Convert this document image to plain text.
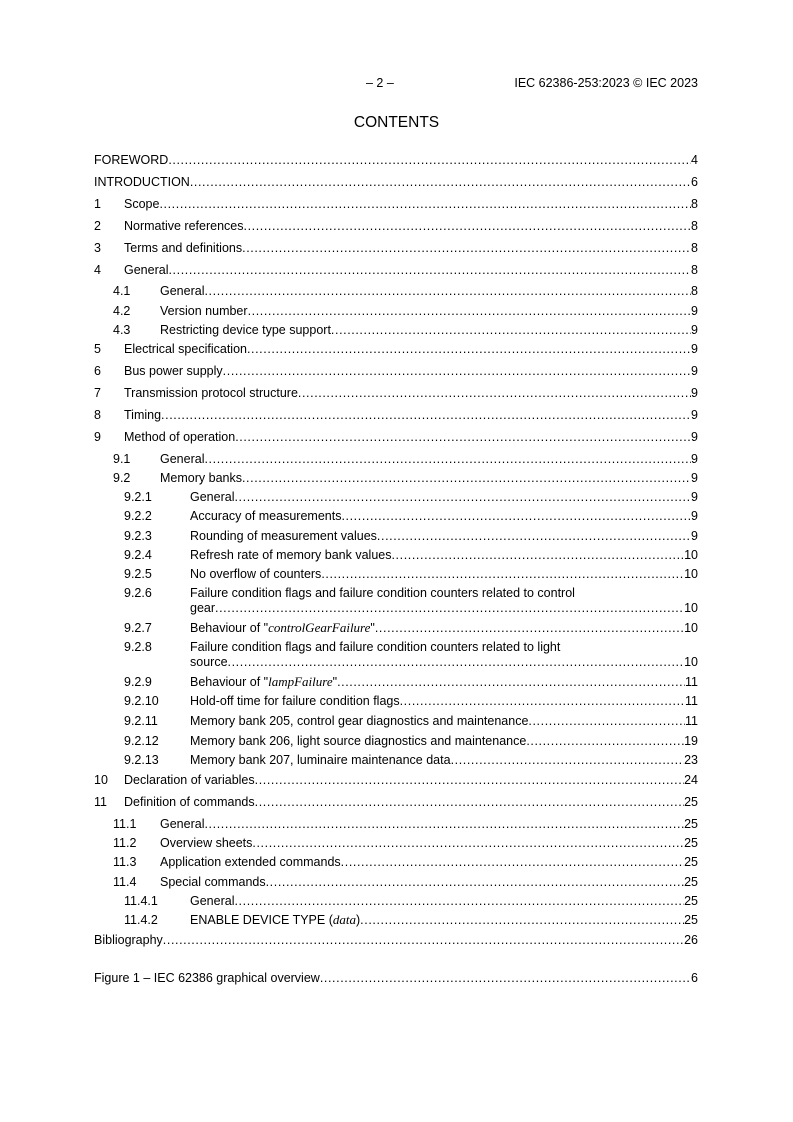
– 2 –	IEC 62386-253:2023 © IEC 2023
CONTENTS
FOREWORD .....	4
INTRODUCTION .....	6
1 Scope .....	8
2 Normative references .....	8
3 Terms and definitions .....	8
4 General .....	8
4.1 General .....	8
4.2 Version number .....	9
4.3 Restricting device type support .....	9
5 Electrical specification .....	9
6 Bus power supply .....	9
7 Transmission protocol structure .....	9
8 Timing .....	9
9 Method of operation .....	9
9.1 General .....	9
9.2 Memory banks .....	9
9.2.1	General .....	9
9.2.2	Accuracy of measurements .....	9
9.2.3	Rounding of measurement values .....	9
9.2.4	Refresh rate of memory bank values .....	10
9.2.5	No overflow of counters .....	10
9.2.6	Failure condition flags and failure condition counters related to control
gear .....	10
9.2.7	Behaviour of "controlGearFailure" .....	10
9.2.8	Failure condition flags and failure condition counters related to light
source .....	10
9.2.9	Behaviour of "lampFailure" .....	11
9.2.10 Hold-off time for failure condition flags .....	11
9.2.11	Memory bank 205, control gear diagnostics and maintenance .....	11
9.2.12 Memory bank 206, light source diagnostics and maintenance .....	19
9.2.13 Memory bank 207, luminaire maintenance data .....	23
10 Declaration of variables .....	24
11 Definition of commands .....	25
11.1 General .....	25
11.2 Overview sheets .....	25
11.3 Application extended commands .....	25
11.4 Special commands .....	25
11.4.1	General .....	25
11.4.2	ENABLE DEVICE TYPE (data) .....	25
Bibliography .....	26
Figure 1 – IEC 62386 graphical overview .....	6
